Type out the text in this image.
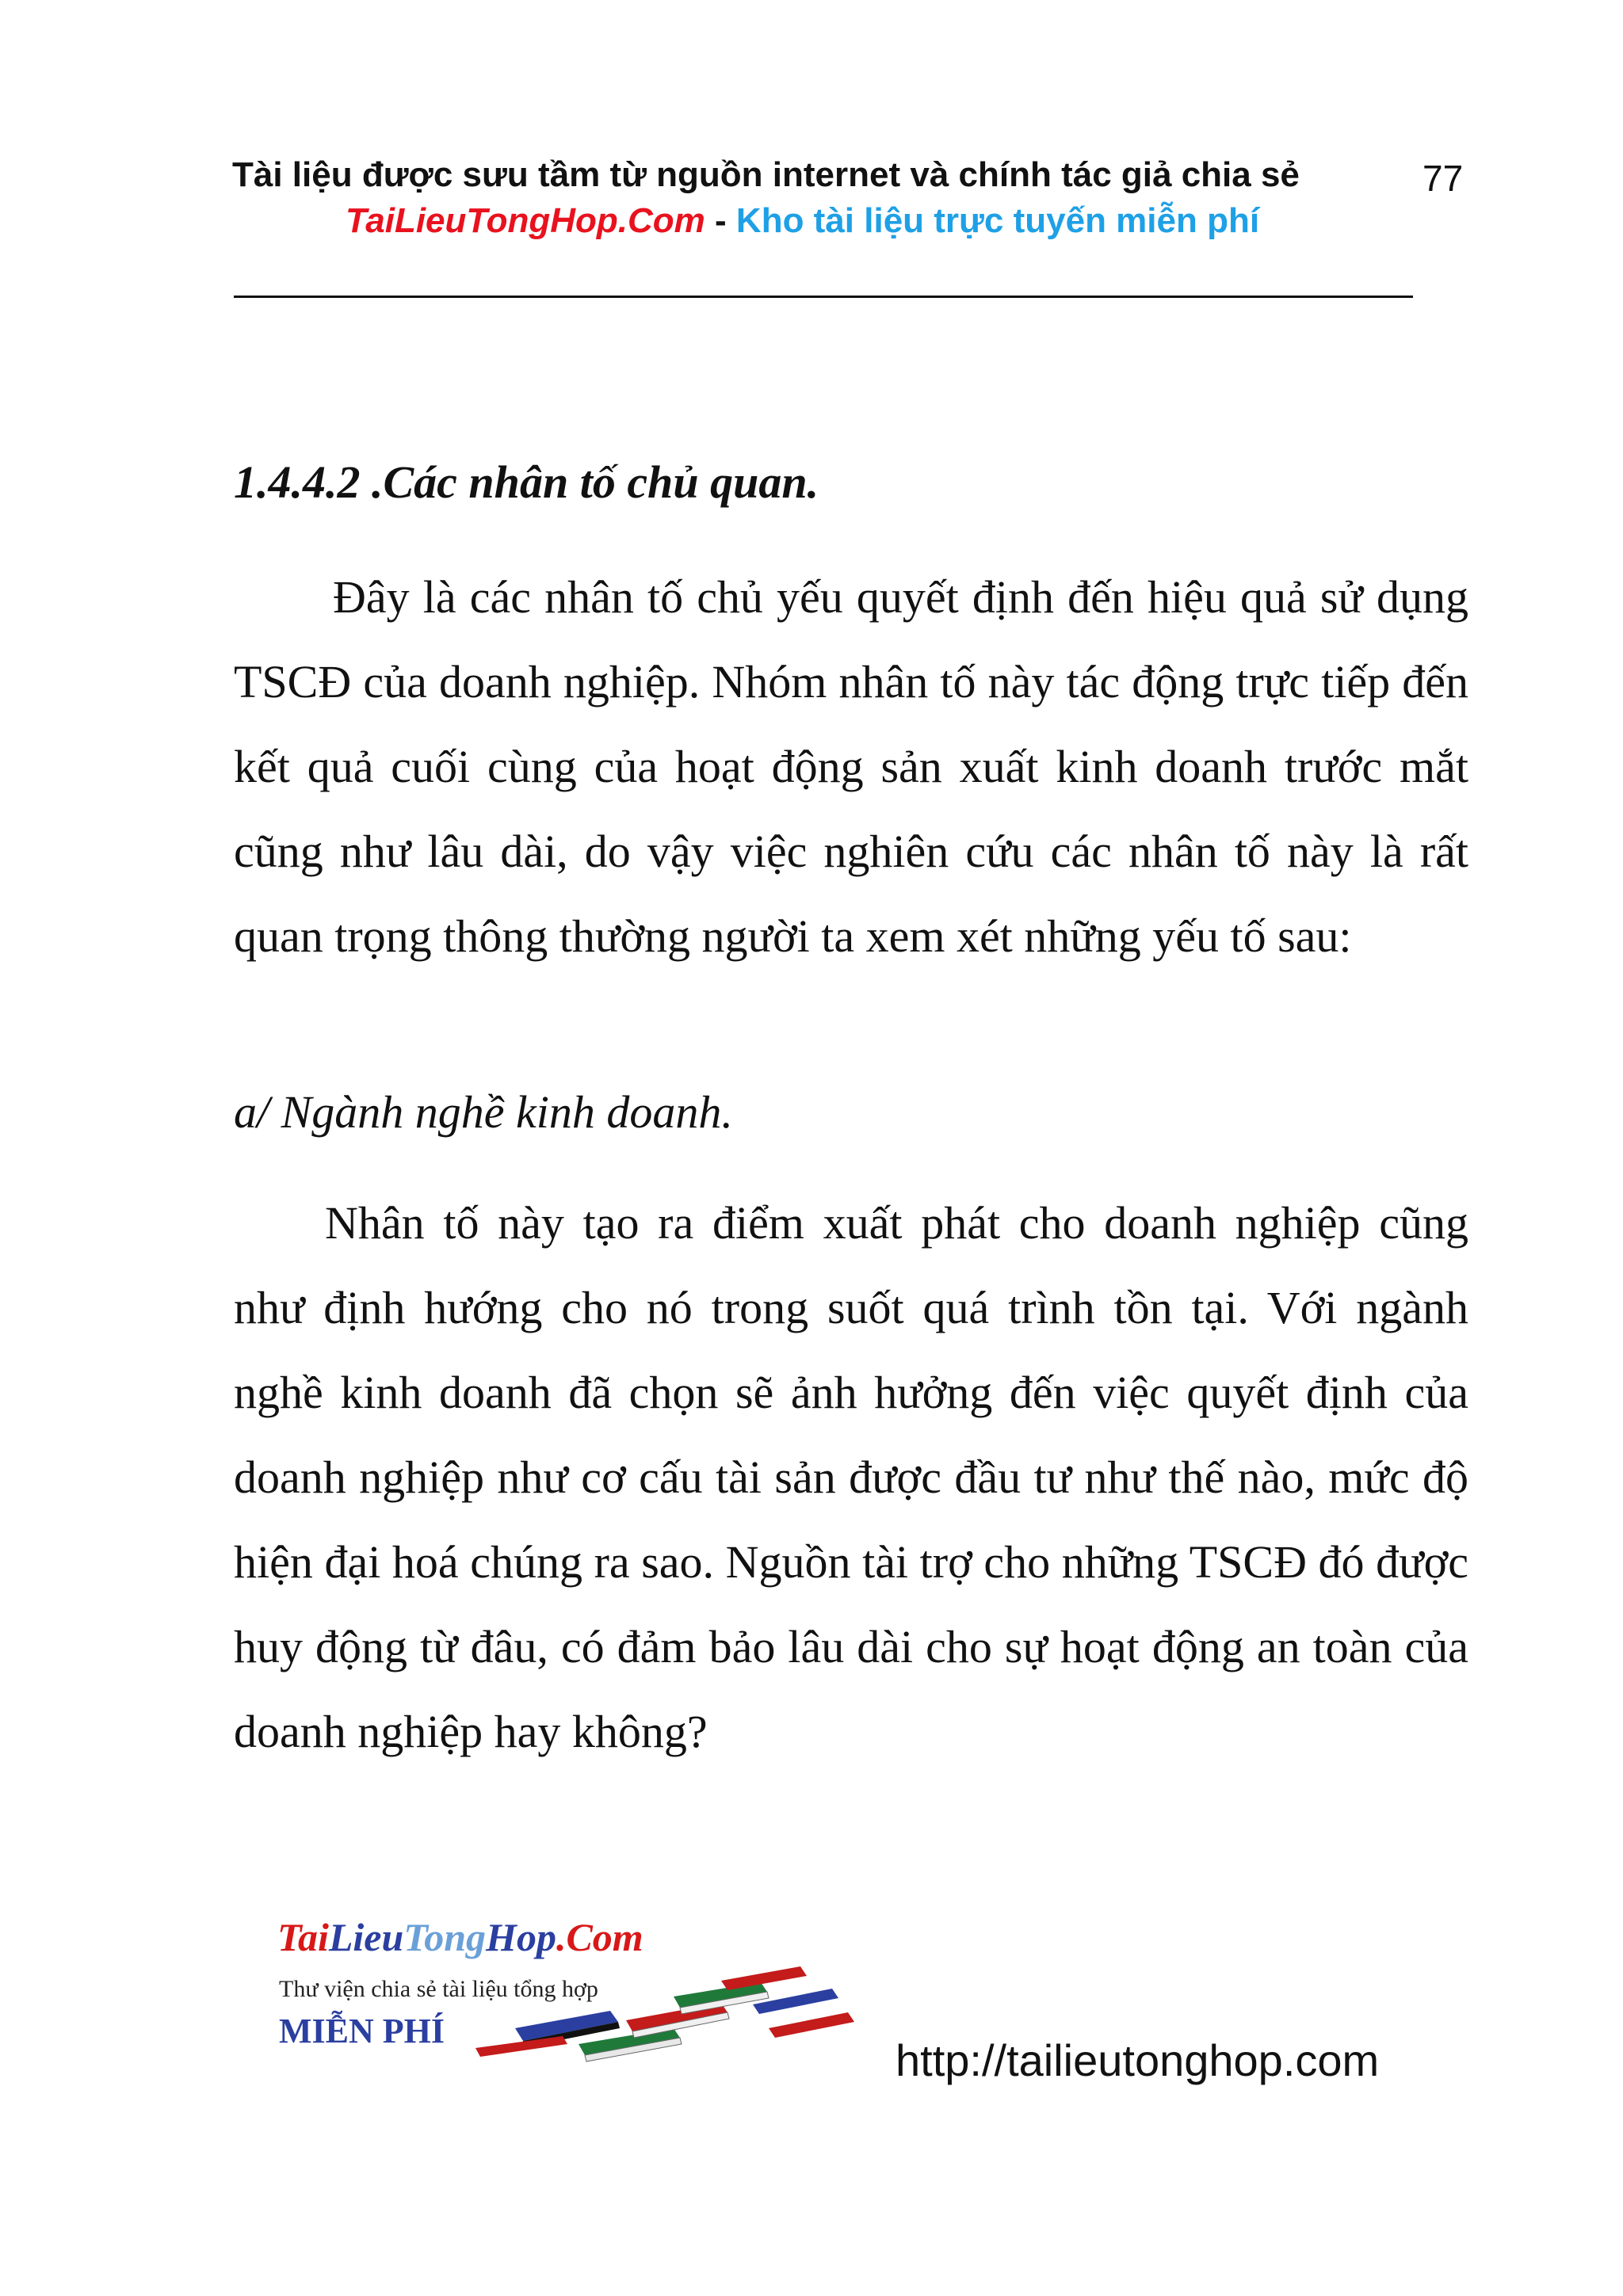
Tài liệu được sưu tầm từ nguồn internet và chính tác giả chia sẻ	77
TaiLieuTongHop.Com - Kho tài liệu trực tuyến miễn phí
1.4.4.2 .Các nhân tố chủ quan.
Đây là các nhân tố chủ yếu quyết định đến hiệu quả sử dụng TSCĐ của doanh nghiệp. Nhóm nhân tố này tác động trực tiếp đến kết quả cuối cùng của hoạt động sản xuất kinh doanh trước mắt cũng như lâu dài, do vậy việc nghiên cứu các nhân tố này là rất quan trọng thông thường người ta xem xét những yếu tố sau:
a/ Ngành nghề kinh doanh.
Nhân tố này tạo ra điểm xuất phát cho doanh nghiệp cũng như định hướng cho nó trong suốt quá trình tồn tại. Với ngành nghề kinh doanh đã chọn sẽ ảnh hưởng đến việc quyết định của doanh nghiệp như cơ cấu tài sản được đầu tư như thế nào, mức độ hiện đại hoá chúng ra sao. Nguồn tài trợ cho những TSCĐ đó được huy động từ đâu, có đảm bảo lâu dài cho sự hoạt động an toàn của doanh nghiệp hay không?
TaiLieuTongHop.Com
Thư viện chia sẻ tài liệu tổng hợp
MIỄN PHÍ
http://tailieutonghop.com
